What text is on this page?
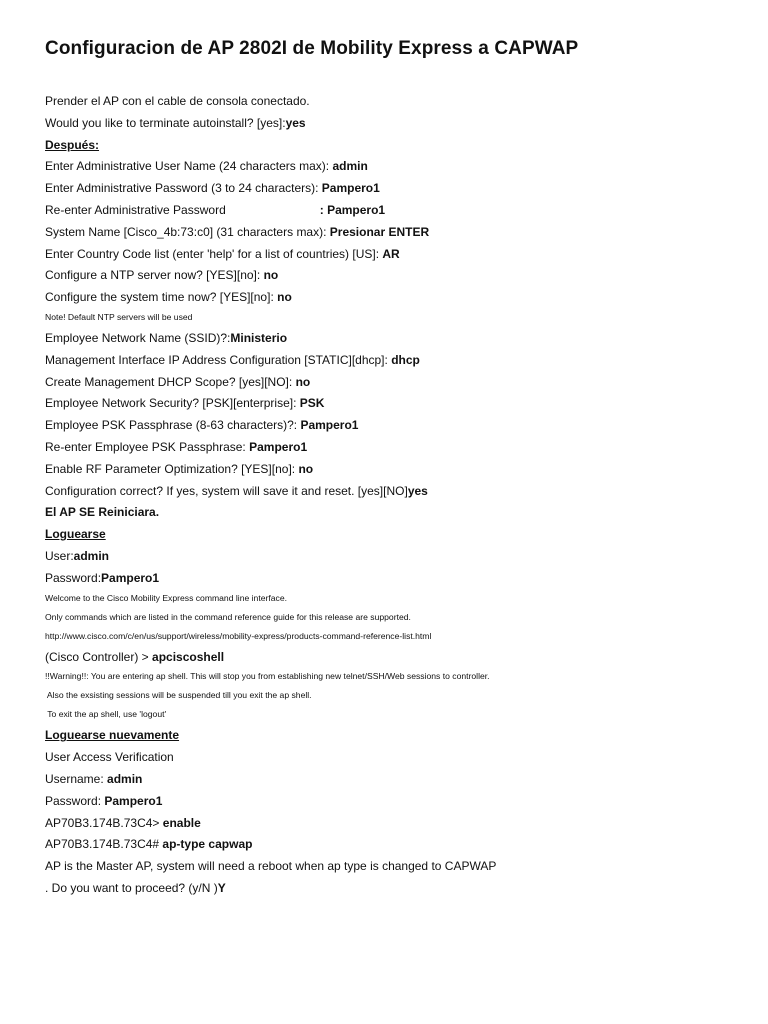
Configuracion de AP 2802I de Mobility Express a CAPWAP
Prender el AP con el cable de consola conectado.
Would you like to terminate autoinstall? [yes]:yes
Después:
Enter Administrative User Name (24 characters max): admin
Enter Administrative Password (3 to 24 characters): Pampero1
Re-enter Administrative Password	: Pampero1
System Name [Cisco_4b:73:c0] (31 characters max): Presionar ENTER
Enter Country Code list (enter 'help' for a list of countries) [US]: AR
Configure a NTP server now? [YES][no]: no
Configure the system time now? [YES][no]: no
Note! Default NTP servers will be used
Employee Network Name (SSID)?:Ministerio
Management Interface IP Address Configuration [STATIC][dhcp]: dhcp
Create Management DHCP Scope? [yes][NO]: no
Employee Network Security? [PSK][enterprise]: PSK
Employee PSK Passphrase (8-63 characters)?: Pampero1
Re-enter Employee PSK Passphrase: Pampero1
Enable RF Parameter Optimization? [YES][no]: no
Configuration correct? If yes, system will save it and reset. [yes][NO]yes
El AP SE Reiniciara.
Loguearse
User:admin
Password:Pampero1
Welcome to the Cisco Mobility Express command line interface.
Only commands which are listed in the command reference guide for this release are supported.
http://www.cisco.com/c/en/us/support/wireless/mobility-express/products-command-reference-list.html
(Cisco Controller) > apciscoshell
!!Warning!!: You are entering ap shell. This will stop you from establishing new telnet/SSH/Web sessions to controller.
Also the exsisting sessions will be suspended till you exit the ap shell.
To exit the ap shell, use 'logout'
Loguearse nuevamente
User Access Verification
Username: admin
Password: Pampero1
AP70B3.174B.73C4> enable
AP70B3.174B.73C4# ap-type capwap
AP is the Master AP, system will need a reboot when ap type is changed to CAPWAP
. Do you want to proceed? (y/N )Y
